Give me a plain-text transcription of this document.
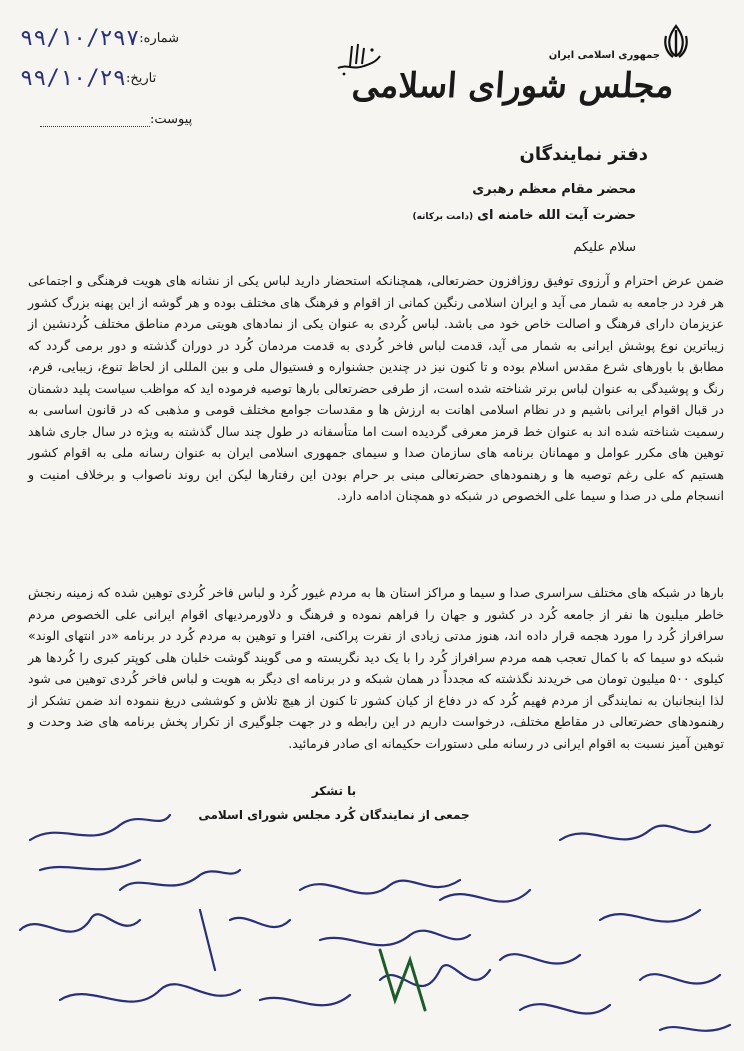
جمهوری اسلامی ایران
مجلس شورای اسلامی
دفتر نمایندگان
شماره:
۹۹/۱۰/۲۹۷
تاریخ:
۹۹/۱۰/۲۹
پیوست:
محضر مقام معظم رهبری
حضرت آیت الله خامنه ای
(دامت برکاته)
سلام علیکم

ضمن عرض احترام و آرزوی توفیق روزافزون حضرتعالی، همچنانکه استحضار دارید لباس یکی از نشانه های هویت فرهنگی و اجتماعی هر فرد در جامعه به شمار می آید و ایران اسلامی رنگین کمانی از اقوام و فرهنگ های مختلف بوده و هر گوشه از این پهنه بزرگ کشور عزیزمان دارای فرهنگ و اصالت خاص خود می باشد. لباس کُردی به عنوان یکی از نمادهای هویتی مردم مناطق مختلف کُردنشین از زیباترین نوع پوشش ایرانی به شمار می آید، قدمت لباس فاخر کُردی به قدمت مردمان کُرد در دوران گذشته و دور برمی گردد که مطابق با باورهای شرع مقدس اسلام بوده و تا کنون نیز در چندین جشنواره و فستیوال ملی و بین المللی از لحاظ تنوع، زیبایی، فرم، رنگ و پوشیدگی به عنوان لباس برتر شناخته شده است، از طرفی حضرتعالی بارها توصیه فرموده اید که مواظب سیاست پلید دشمنان در قبال اقوام ایرانی باشیم و در نظام اسلامی اهانت به ارزش ها و مقدسات جوامع مختلف قومی و مذهبی که در قانون اساسی به رسمیت شناخته شده اند به عنوان خط قرمز معرفی گردیده است اما متأسفانه در طول چند سال گذشته به ویژه در سال جاری شاهد توهین های مکرر عوامل و مهمانان برنامه های سازمان صدا و سیمای جمهوری اسلامی ایران به عنوان رسانه ملی به اقوام کشور هستیم که علی رغم توصیه ها و رهنمودهای حضرتعالی مبنی بر حرام بودن این رفتارها لیکن این روند ناصواب و برخلاف امنیت و انسجام ملی در صدا و سیما علی الخصوص در شبکه دو همچنان ادامه دارد.

بارها در شبکه های مختلف سراسری صدا و سیما و مراکز استان ها به مردم غیور کُرد و لباس فاخر کُردی توهین شده که زمینه رنجش خاطر میلیون ها نفر از جامعه کُرد در کشور و جهان را فراهم نموده و فرهنگ و دلاورمردیهای اقوام ایرانی علی الخصوص مردم سرافراز کُرد را مورد هجمه قرار داده اند، هنوز مدتی زیادی از نفرت پراکنی، افترا و توهین به مردم کُرد در برنامه «در انتهای الوند» شبکه دو سیما که با کمال تعجب همه مردم سرافراز کُرد را با یک دید نگریسته و می گویند گوشت خلبان هلی کوپتر کبری را کُردها هر کیلوی ۵۰۰ میلیون تومان می خریدند نگذشته که مجدداً در همان شبکه و در برنامه ای دیگر به هویت و لباس فاخر کُردی توهین می شود لذا اینجانبان به نمایندگی از مردم فهیم کُرد که در دفاع از کیان کشور تا کنون از هیچ تلاش و کوششی دریغ ننموده اند ضمن تشکر از رهنمودهای حضرتعالی در مقاطع مختلف، درخواست داریم در این رابطه و در جهت جلوگیری از تکرار پخش برنامه های ضد وحدت و توهین آمیز نسبت به اقوام ایرانی در رسانه ملی دستورات حکیمانه ای صادر فرمائید.

با تشکر
جمعی از نمایندگان کُرد مجلس شورای اسلامی
